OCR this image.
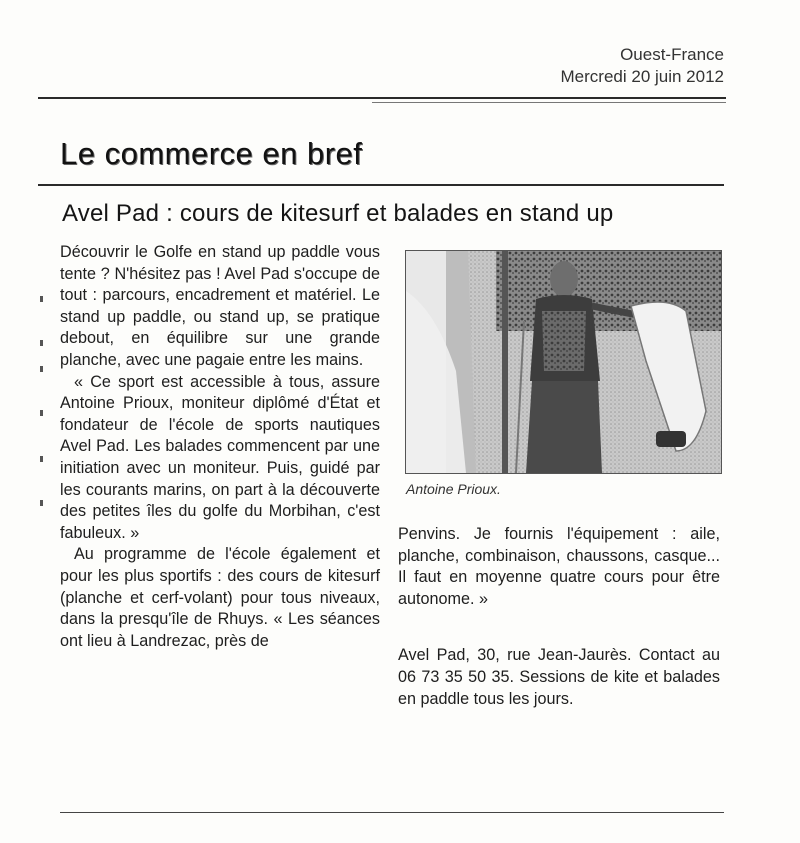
Ouest-France
Mercredi 20 juin 2012
Le commerce en bref
Avel Pad : cours de kitesurf et balades en stand up

Découvrir le Golfe en stand up paddle vous tente ? N'hésitez pas ! Avel Pad s'occupe de tout : parcours, encadrement et matériel. Le stand up paddle, ou stand up, se pratique debout, en équilibre sur une grande planche, avec une pagaie entre les mains.

« Ce sport est accessible à tous, assure Antoine Prioux, moniteur diplômé d'État et fondateur de l'école de sports nautiques Avel Pad. Les balades commencent par une initiation avec un moniteur. Puis, guidé par les courants marins, on part à la découverte des petites îles du golfe du Morbihan, c'est fabuleux. »

Au programme de l'école également et pour les plus sportifs : des cours de kitesurf (planche et cerf-volant) pour tous niveaux, dans la presqu'île de Rhuys. « Les séances ont lieu à Landrezac, près de

Antoine Prioux.

Penvins. Je fournis l'équipement : aile, planche, combinaison, chaussons, casque... Il faut en moyenne quatre cours pour être autonome. »

Avel Pad, 30, rue Jean-Jaurès. Contact au 06 73 35 50 35. Sessions de kite et balades en paddle tous les jours.
